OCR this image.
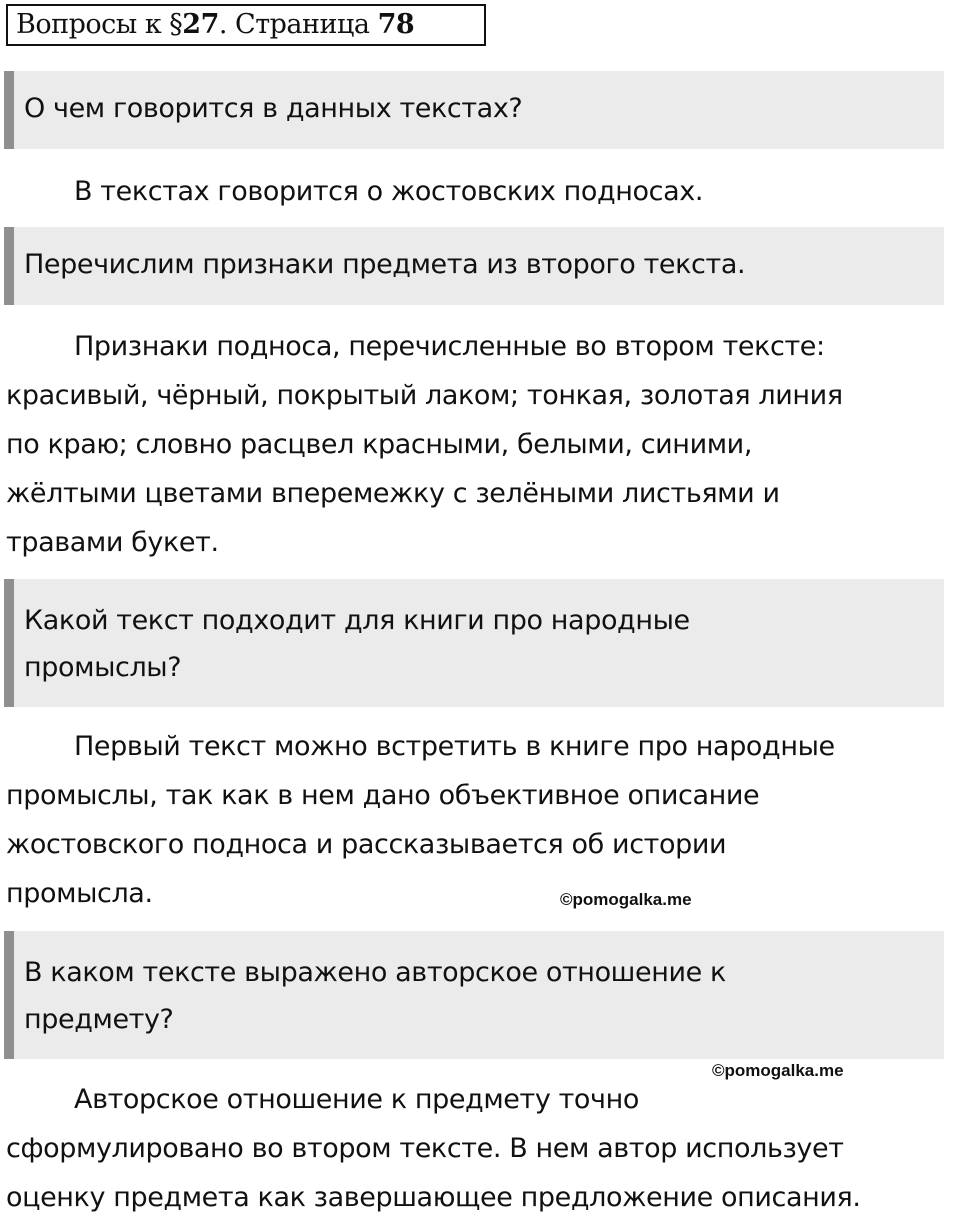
Вопросы к §27. Страница 78
О чем говорится в данных текстах?
В текстах говорится о жостовских подносах.
Перечислим признаки предмета из второго текста.
Признаки подноса, перечисленные во втором тексте:
красивый, чёрный, покрытый лаком; тонкая, золотая линия
по краю; словно расцвел красными, белыми, синими,
жёлтыми цветами вперемежку с зелёными листьями и
травами букет.
Какой текст подходит для книги про народные
промыслы?
Первый текст можно встретить в книге про народные
промыслы, так как в нем дано объективное описание
жостовского подноса и рассказывается об истории
промысла.	©pomogalka.me
В каком тексте выражено авторское отношение к
предмету?
©pomogalka.me
Авторское отношение к предмету точно
сформулировано во втором тексте. В нем автор использует
оценку предмета как завершающее предложение описания.
